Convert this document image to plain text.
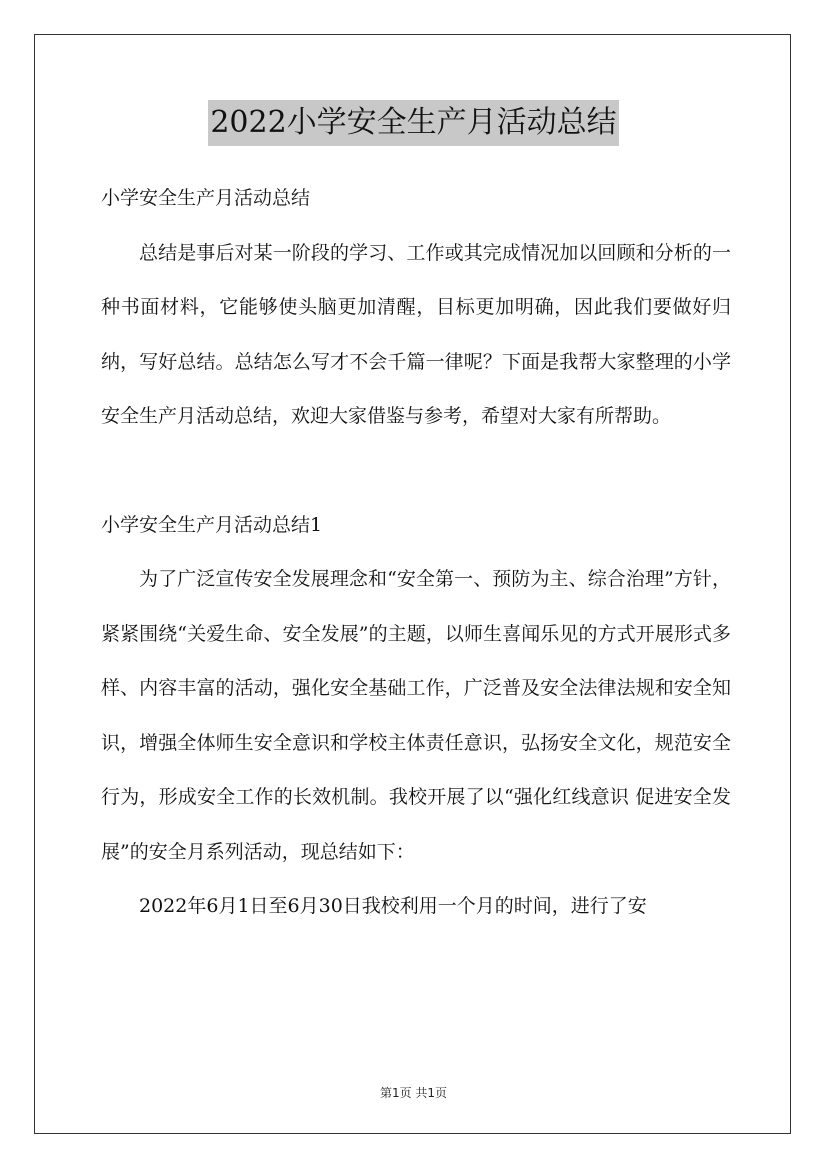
2022小学安全生产月活动总结

小学安全生产月活动总结

总结是事后对某一阶段的学习、工作或其完成情况加以回顾和分析的一种书面材料，它能够使头脑更加清醒，目标更加明确，因此我们要做好归纳，写好总结。总结怎么写才不会千篇一律呢？下面是我帮大家整理的小学安全生产月活动总结，欢迎大家借鉴与参考，希望对大家有所帮助。

小学安全生产月活动总结1

为了广泛宣传安全发展理念和“安全第一、预防为主、综合治理”方针，紧紧围绕“关爱生命、安全发展”的主题，以师生喜闻乐见的方式开展形式多样、内容丰富的活动，强化安全基础工作，广泛普及安全法律法规和安全知识，增强全体师生安全意识和学校主体责任意识，弘扬安全文化，规范安全行为，形成安全工作的长效机制。我校开展了以“强化红线意识 促进安全发展”的安全月系列活动，现总结如下：

2022年6月1日至6月30日我校利用一个月的时间，进行了安

第1页 共1页
